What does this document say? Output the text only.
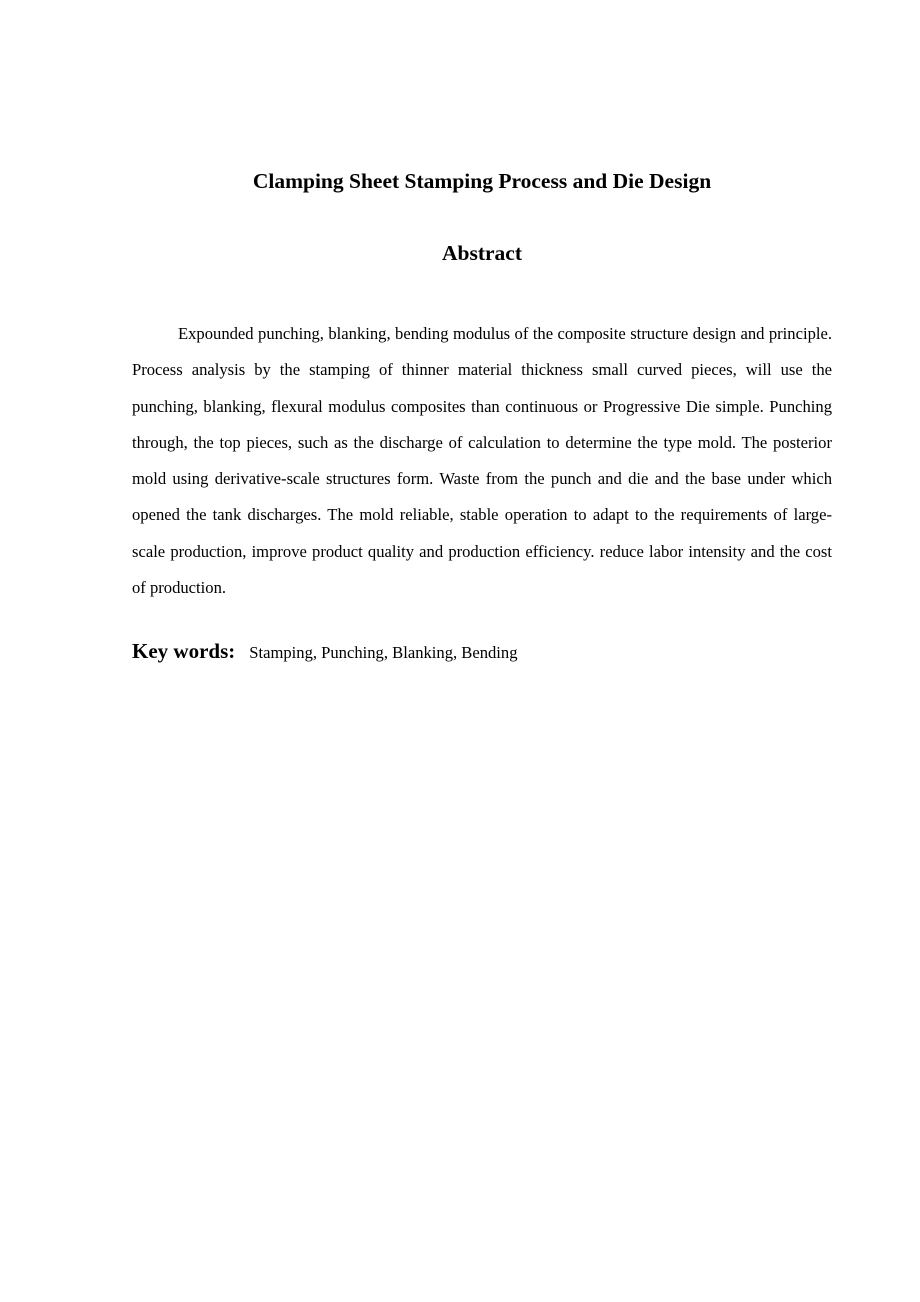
Clamping Sheet Stamping Process and Die Design
Abstract

Expounded punching, blanking, bending modulus of the composite structure design and principle. Process analysis by the stamping of thinner material thickness small curved pieces, will use the punching, blanking, flexural modulus composites than continuous or Progressive Die simple. Punching through, the top pieces, such as the discharge of calculation to determine the type mold. The posterior mold using derivative-scale structures form. Waste from the punch and die and the base under which opened the tank discharges. The mold reliable, stable operation to adapt to the requirements of large-scale production, improve product quality and production efficiency. reduce labor intensity and the cost of production.

Key words: Stamping, Punching, Blanking, Bending
